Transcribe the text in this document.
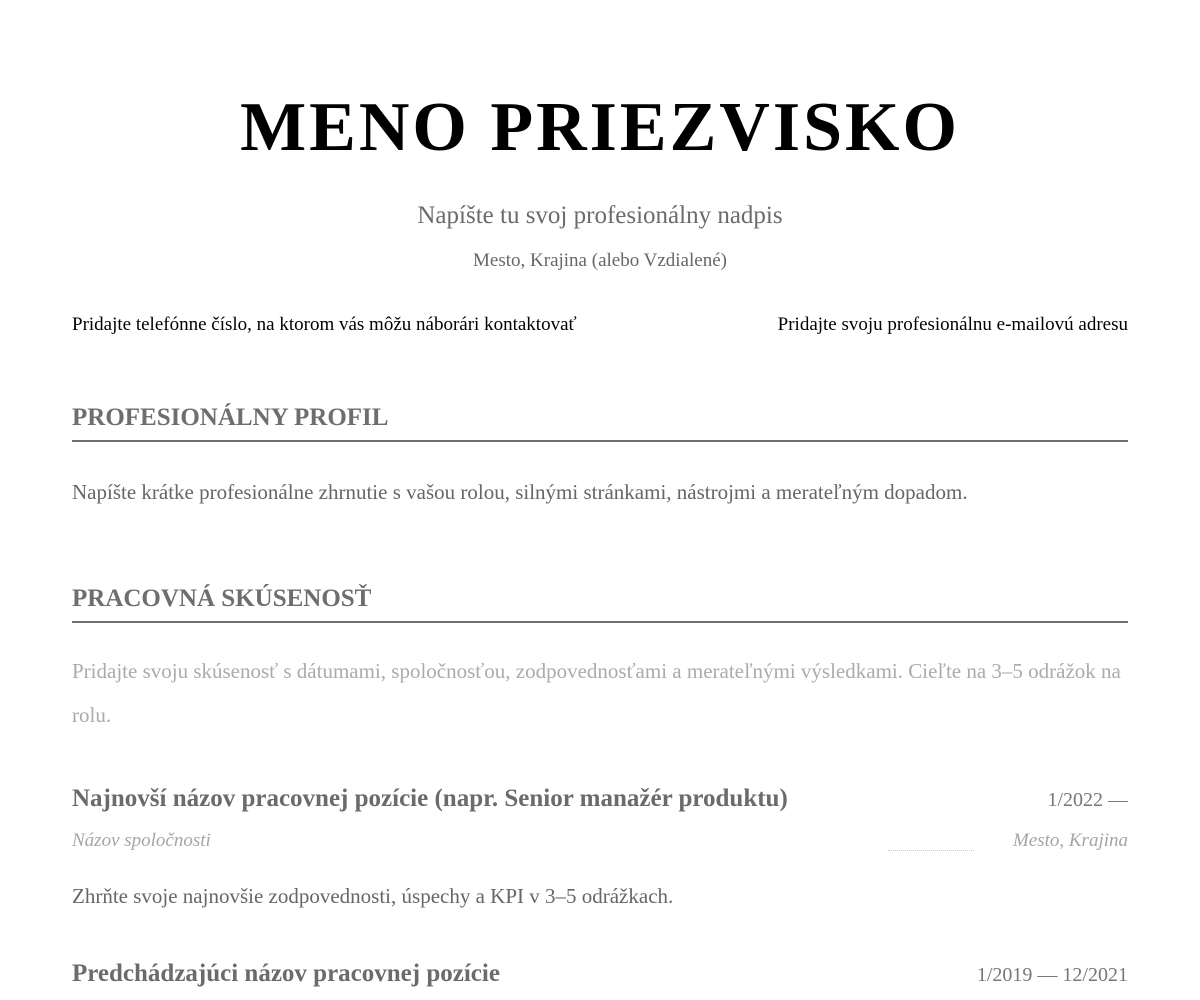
MENO PRIEZVISKO
Napíšte tu svoj profesionálny nadpis
Mesto, Krajina (alebo Vzdialené)
Pridajte telefónne číslo, na ktorom vás môžu náborári kontaktovať	Pridajte svoju profesionálnu e-mailovú adresu
PROFESIONÁLNY PROFIL
Napíšte krátke profesionálne zhrnutie s vašou rolou, silnými stránkami, nástrojmi a merateľným dopadom.
PRACOVNÁ SKÚSENOSŤ
Pridajte svoju skúsenosť s dátumami, spoločnosťou, zodpovednosťami a merateľnými výsledkami. Cieľte na 3–5 odrážok na rolu.
Najnovší názov pracovnej pozície (napr. Senior manažér produktu)	1/2022 —
Názov spoločnosti	Mesto, Krajina
Zhrňte svoje najnovšie zodpovednosti, úspechy a KPI v 3–5 odrážkach.
Predchádzajúci názov pracovnej pozície	1/2019 — 12/2021
